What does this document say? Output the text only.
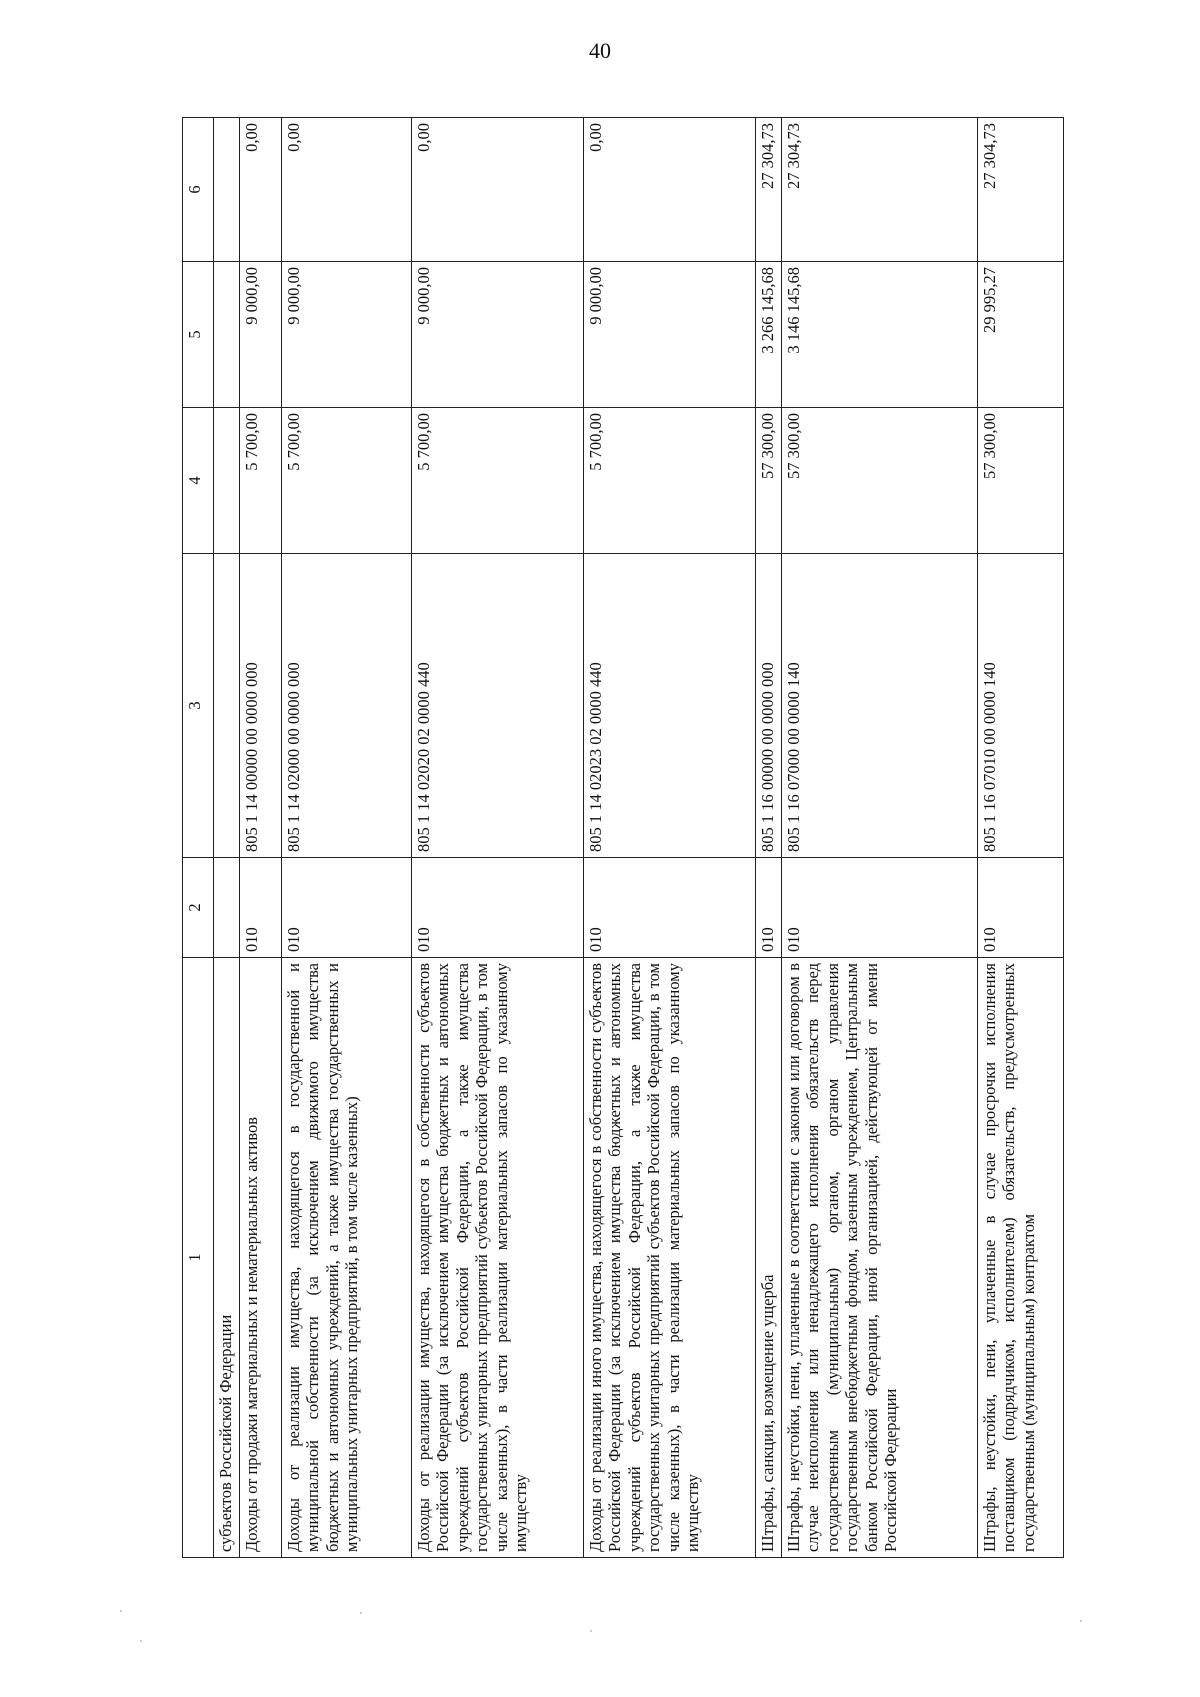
40
1	2	3	4	5	6
субъектов Российской Федерации					
Доходы от продажи материальных и нематериальных активов	010	805 1 14 00000 00 0000 000	5 700,00	9 000,00	0,00
Доходы от реализации имущества, находящегося в государственной и муниципальной собственности (за исключением движимого имущества бюджетных и автономных учреждений, а также имущества государственных и муниципальных унитарных предприятий, в том числе казенных)	010	805 1 14 02000 00 0000 000	5 700,00	9 000,00	0,00
Доходы от реализации имущества, находящегося в собственности субъектов Российской Федерации (за исключением имущества бюджетных и автономных учреждений субъектов Российской Федерации, а также имущества государственных унитарных предприятий субъектов Российской Федерации, в том числе казенных), в части реализации материальных запасов по указанному имуществу	010	805 1 14 02020 02 0000 440	5 700,00	9 000,00	0,00
Доходы от реализации иного имущества, находящегося в собственности субъектов Российской Федерации (за исключением имущества бюджетных и автономных учреждений субъектов Российской Федерации, а также имущества государственных унитарных предприятий субъектов Российской Федерации, в том числе казенных), в части реализации материальных запасов по указанному имуществу	010	805 1 14 02023 02 0000 440	5 700,00	9 000,00	0,00
Штрафы, санкции, возмещение ущерба	010	805 1 16 00000 00 0000 000	57 300,00	3 266 145,68	27 304,73
Штрафы, неустойки, пени, уплаченные в соответствии с законом или договором в случае неисполнения или ненадлежащего исполнения обязательств перед государственным (муниципальным) органом, органом управления государственным внебюджетным фондом, казенным учреждением, Центральным банком Российской Федерации, иной организацией, действующей от имени Российской Федерации	010	805 1 16 07000 00 0000 140	57 300,00	3 146 145,68	27 304,73
Штрафы, неустойки, пени, уплаченные в случае просрочки исполнения поставщиком (подрядчиком, исполнителем) обязательств, предусмотренных государственным (муниципальным) контрактом	010	805 1 16 07010 00 0000 140	57 300,00	29 995,27	27 304,73
